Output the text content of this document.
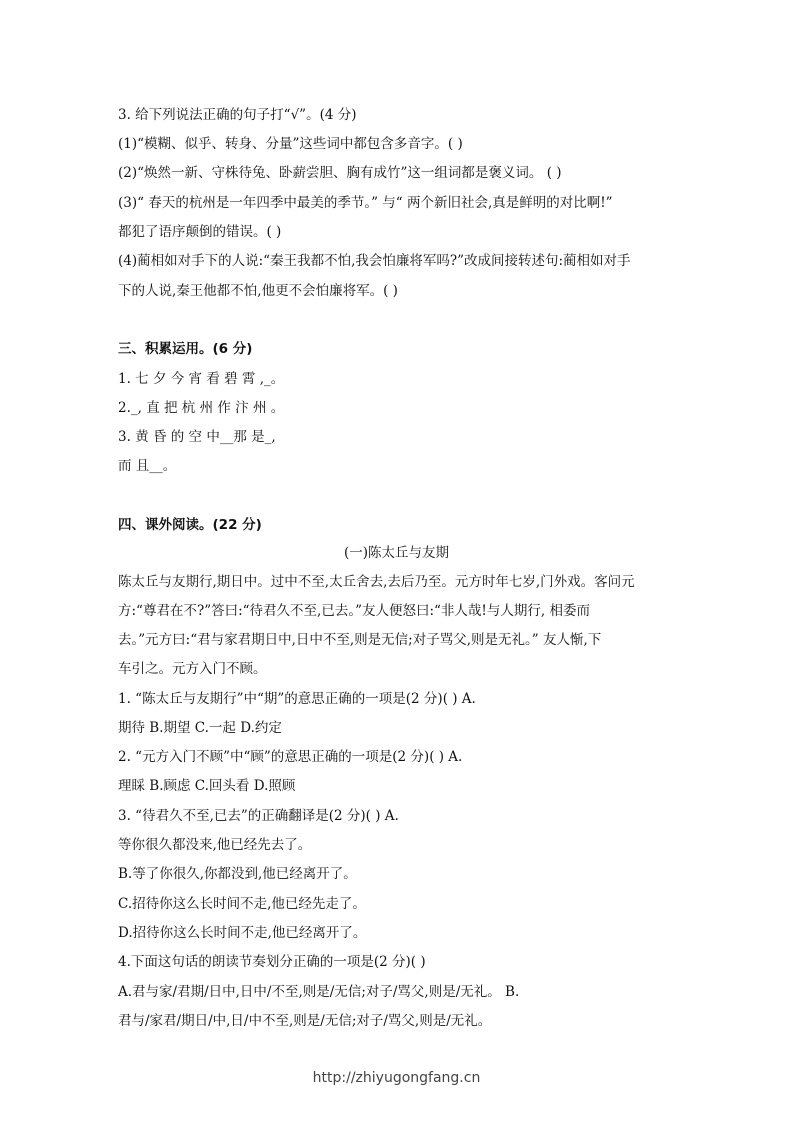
3. 给下列说法正确的句子打“√”。(4 分)
(1)“模糊、似乎、转身、分量”这些词中都包含多音字。( )
(2)“焕然一新、守株待兔、卧薪尝胆、胸有成竹”这一组词都是褒义词。 ( )
(3)“ 春天的杭州是一年四季中最美的季节。” 与“ 两个新旧社会,真是鲜明的对比啊!”
都犯了语序颠倒的错误。( )
(4)蔺相如对手下的人说:“秦王我都不怕,我会怕廉将军吗?”改成间接转述句:蔺相如对手
下的人说,秦王他都不怕,他更不会怕廉将军。( )
三、积累运用。(6 分)
1. 七 夕 今 宵 看 碧 霄 ,_。
2._, 直 把 杭 州 作 汴 州 。
3. 黄 昏 的 空 中__那 是_,
而 且__。
四、课外阅读。(22 分)
(一)陈太丘与友期
陈太丘与友期行,期日中。过中不至,太丘舍去,去后乃至。元方时年七岁,门外戏。客问元
方:“尊君在不?”答曰:“待君久不至,已去。”友人便怒曰:“非人哉!与人期行, 相委而
去。”元方曰:“君与家君期日中,日中不至,则是无信;对子骂父,则是无礼。” 友人惭,下
车引之。元方入门不顾。
1. “陈太丘与友期行”中“期”的意思正确的一项是(2 分)( ) A.
期待 B.期望 C.一起 D.约定
2. “元方入门不顾”中“顾”的意思正确的一项是(2 分)( ) A.
理睬 B.顾虑 C.回头看 D.照顾
3. “待君久不至,已去”的正确翻译是(2 分)( ) A.
等你很久都没来,他已经先去了。
B.等了你很久,你都没到,他已经离开了。
C.招待你这么长时间不走,他已经先走了。
D.招待你这么长时间不走,他已经离开了。
4.下面这句话的朗读节奏划分正确的一项是(2 分)( )
A.君与家/君期/日中,日中/不至,则是/无信;对子/骂父,则是/无礼。 B.
君与/家君/期日/中,日/中不至,则是/无信;对子/骂父,则是/无礼。
http://zhiyugongfang.cn
